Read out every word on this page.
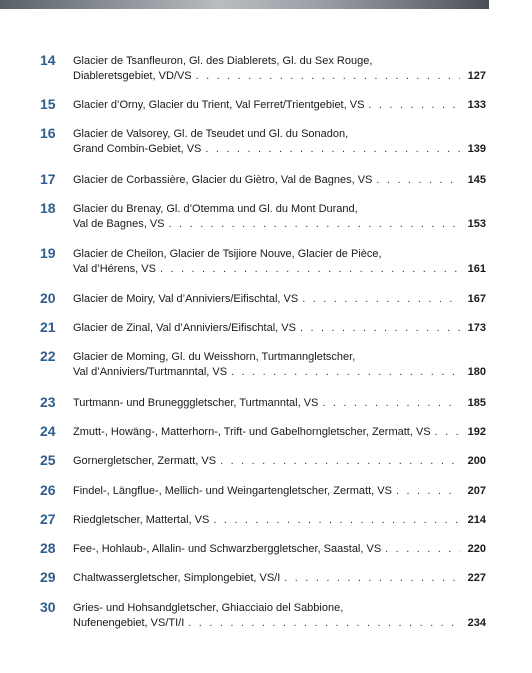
14 Glacier de Tsanfleuron, Gl. des Diablerets, Gl. du Sex Rouge,
Diableretsgebiet, VD/VS . . .	127
15 Glacier d’Orny, Glacier du Trient, Val Ferret/Trientgebiet, VS . . .	133
16 Glacier de Valsorey, Gl. de Tseudet und Gl. du Sonadon,
Grand Combin-Gebiet, VS . . .	139
17 Glacier de Corbassière, Glacier du Giètro, Val de Bagnes, VS . . .	145
18 Glacier du Brenay, Gl. d’Otemma und Gl. du Mont Durand,
Val de Bagnes, VS . . .	153
19 Glacier de Cheilon, Glacier de Tsijiore Nouve, Glacier de Pièce,
Val d’Hérens, VS . . .	161
20 Glacier de Moiry, Val d’Anniviers/Eifischtal, VS . . .	167
21 Glacier de Zinal, Val d’Anniviers/Eifischtal, VS . . .	173
22 Glacier de Moming, Gl. du Weisshorn, Turtmanngletscher,
Val d’Anniviers/Turtmanntal, VS . . .	180
23 Turtmann- und Brunegggletscher, Turtmanntal, VS . . .	185
24 Zmutt-, Howäng-, Matterhorn-, Trift- und Gabelhorngletscher, Zermatt, VS . . .	192
25 Gornergletscher, Zermatt, VS . . .	200
26 Findel-, Längflue-, Mellich- und Weingartengletscher, Zermatt, VS . . .	207
27 Riedgletscher, Mattertal, VS . . .	214
28 Fee-, Hohlaub-, Allalin- und Schwarzberggletscher, Saastal, VS . . .	220
29 Chaltwassergletscher, Simplongebiet, VS/I . . .	227
30 Gries- und Hohsandgletscher, Ghiacciaio del Sabbione,
Nufenengebiet, VS/TI/I . . .	234
